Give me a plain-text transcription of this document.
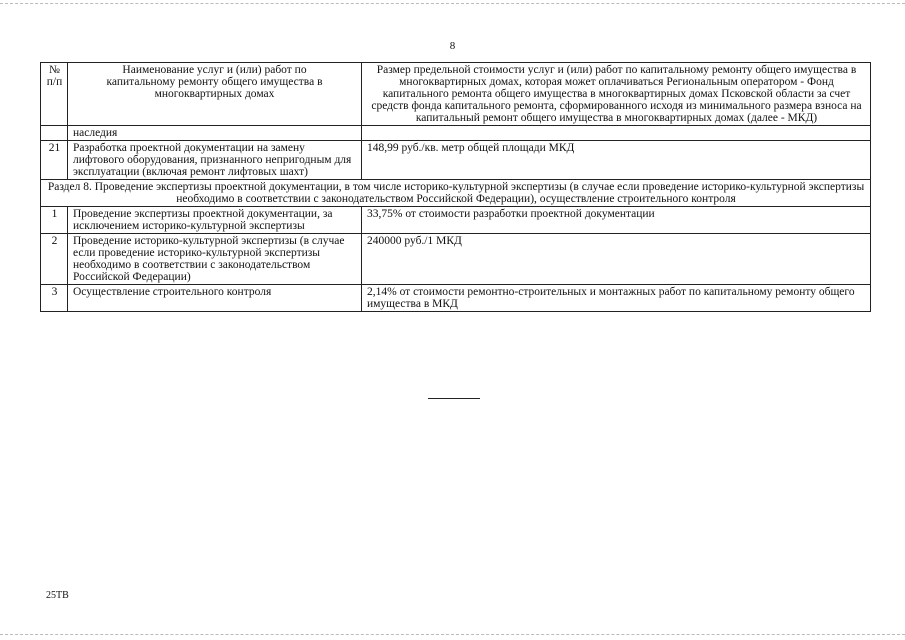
8
№
п/п	Наименование услуг и (или) работ по капитальному ремонту общего имущества в многоквартирных домах	Размер предельной стоимости услуг и (или) работ по капитальному ремонту общего имущества в многоквартирных домах, которая может оплачиваться Региональным оператором - Фонд капитального ремонта общего имущества в многоквартирных домах Псковской области за счет средств фонда капитального ремонта, сформированного исходя из минимального размера взноса на капитальный ремонт общего имущества в многоквартирных домах (далее - МКД)
	наследия	
21	Разработка проектной документации на замену лифтового оборудования, признанного непригодным для эксплуатации (включая ремонт лифтовых шахт)	148,99 руб./кв. метр общей площади МКД
Раздел 8. Проведение экспертизы проектной документации, в том числе историко-культурной экспертизы (в случае если проведение историко-культурной экспертизы необходимо в соответствии с законодательством Российской Федерации), осуществление строительного контроля		
1	Проведение экспертизы проектной документации, за исключением историко-культурной экспертизы	33,75% от стоимости разработки проектной документации
2	Проведение историко-культурной экспертизы (в случае если проведение историко-культурной экспертизы необходимо в соответствии с законодательством Российской Федерации)	240000 руб./1 МКД
3	Осуществление строительного контроля	2,14% от стоимости ремонтно-строительных и монтажных работ по капитальному ремонту общего имущества в МКД
25ТВ
